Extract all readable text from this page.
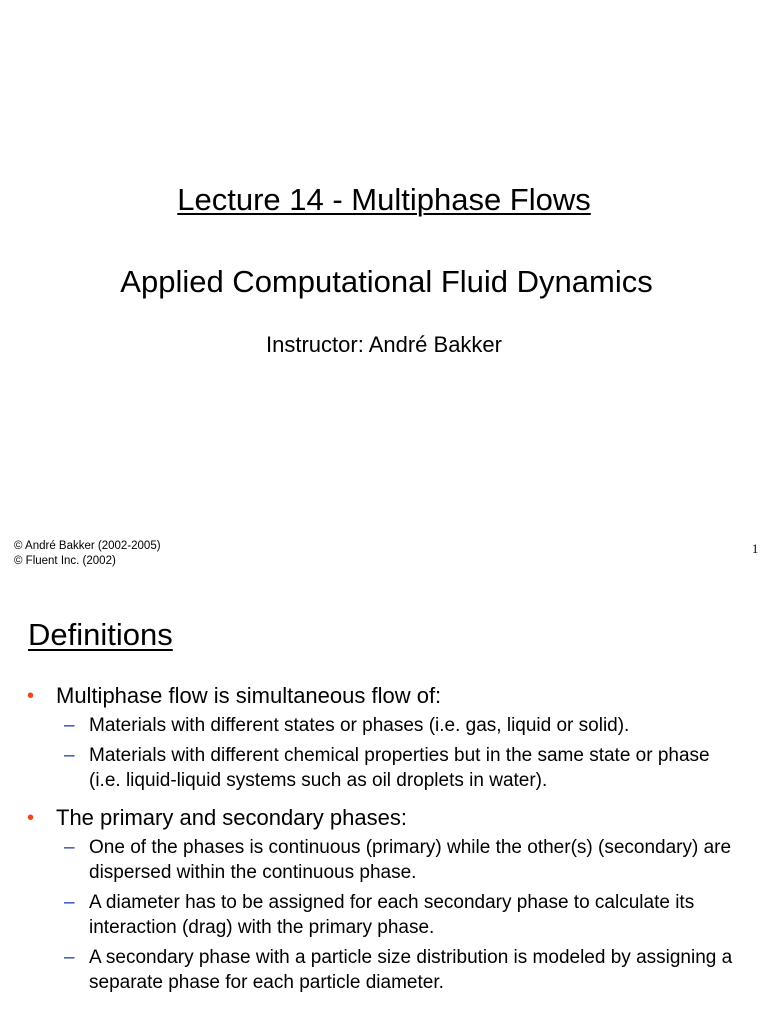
Lecture 14 - Multiphase Flows
Applied Computational Fluid Dynamics
Instructor: André Bakker
© André Bakker (2002-2005)
© Fluent Inc. (2002)
1
Definitions
• Multiphase flow is simultaneous flow of:
– Materials with different states or phases (i.e. gas, liquid or solid).
– Materials with different chemical properties but in the same state or phase (i.e. liquid-liquid systems such as oil droplets in water).
• The primary and secondary phases:
– One of the phases is continuous (primary) while the other(s) (secondary) are dispersed within the continuous phase.
– A diameter has to be assigned for each secondary phase to calculate its interaction (drag) with the primary phase.
– A secondary phase with a particle size distribution is modeled by assigning a separate phase for each particle diameter.
